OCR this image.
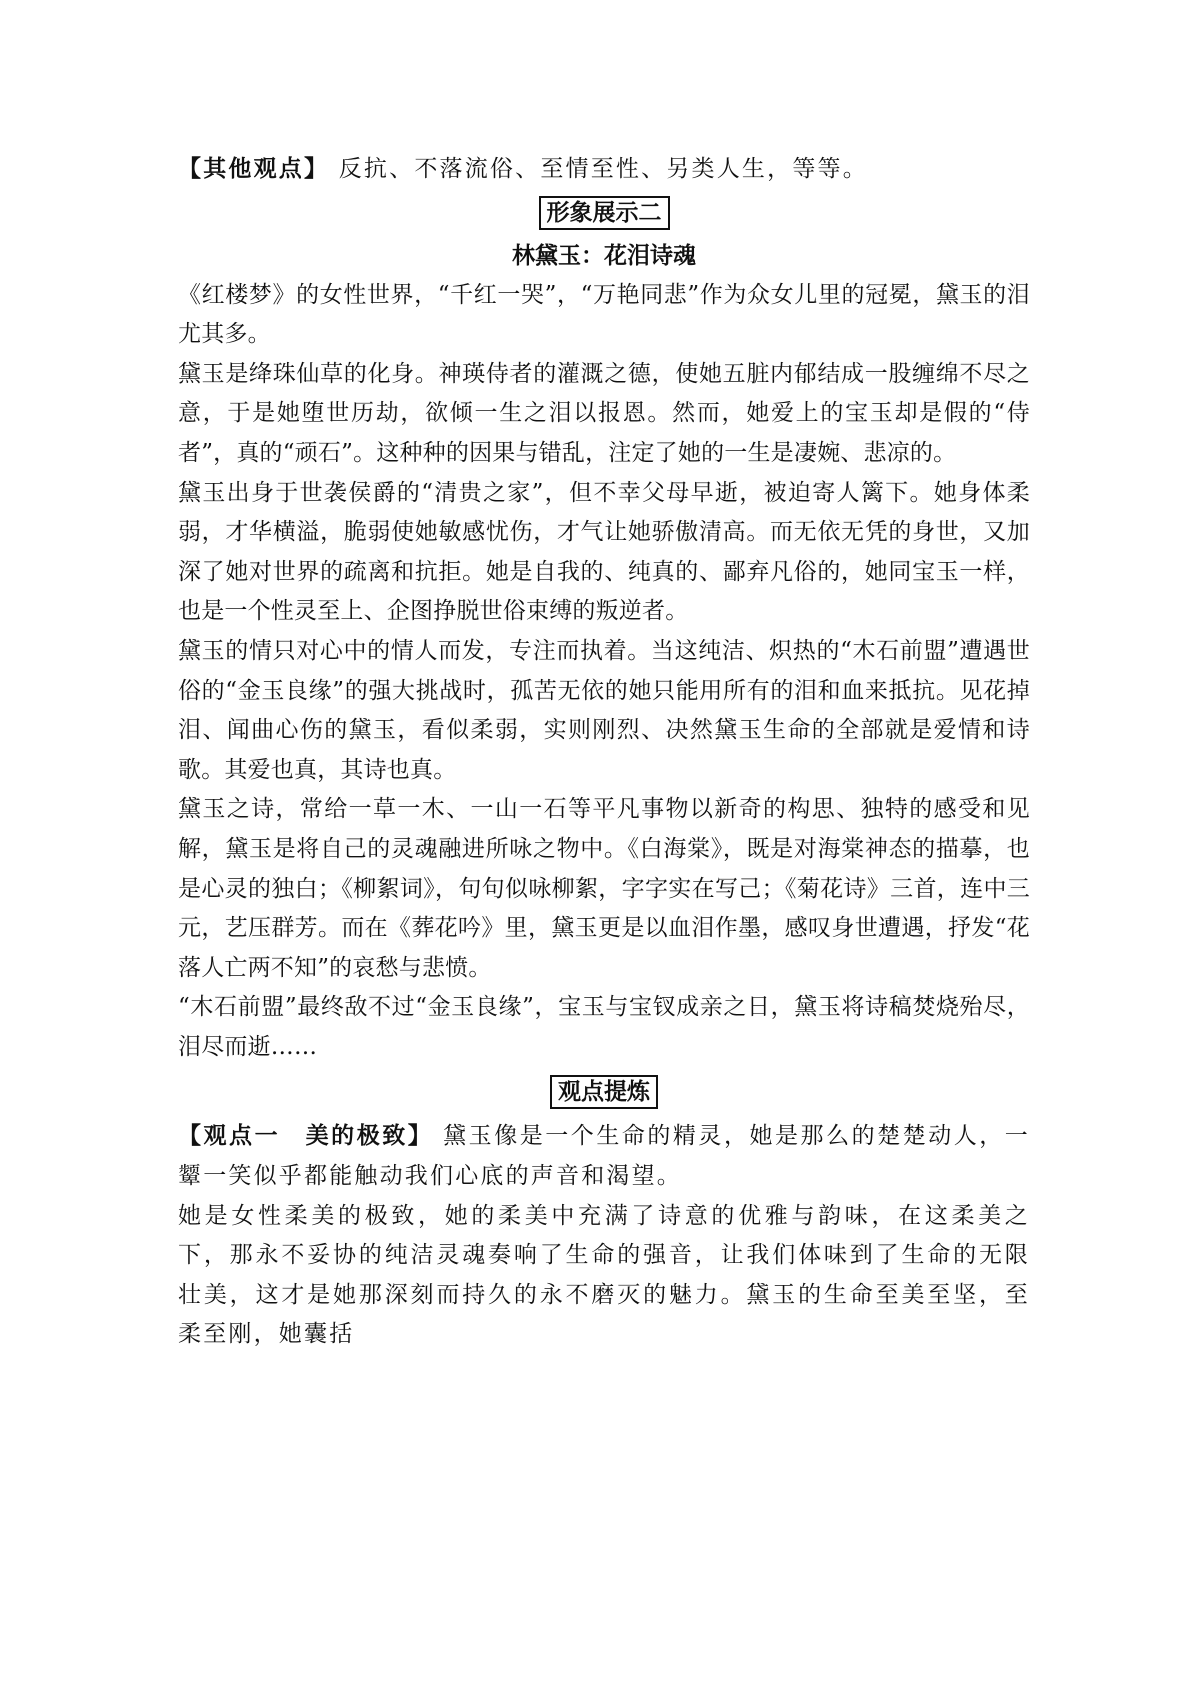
【其他观点】 反抗、不落流俗、至情至性、另类人生，等等。

形象展示二
林黛玉：花泪诗魂

《红楼梦》的女性世界，“千红一哭”，“万艳同悲”作为众女儿里的冠冕，黛玉的泪尤其多。

黛玉是绛珠仙草的化身。神瑛侍者的灌溉之德，使她五脏内郁结成一股缠绵不尽之意，于是她堕世历劫，欲倾一生之泪以报恩。然而，她爱上的宝玉却是假的“侍者”，真的“顽石”。这种种的因果与错乱，注定了她的一生是凄婉、悲凉的。

黛玉出身于世袭侯爵的“清贵之家”，但不幸父母早逝，被迫寄人篱下。她身体柔弱，才华横溢，脆弱使她敏感忧伤，才气让她骄傲清高。而无依无凭的身世，又加深了她对世界的疏离和抗拒。她是自我的、纯真的、鄙弃凡俗的，她同宝玉一样，也是一个性灵至上、企图挣脱世俗束缚的叛逆者。

黛玉的情只对心中的情人而发，专注而执着。当这纯洁、炽热的“木石前盟”遭遇世俗的“金玉良缘”的强大挑战时，孤苦无依的她只能用所有的泪和血来抵抗。见花掉泪、闻曲心伤的黛玉，看似柔弱，实则刚烈、决然黛玉生命的全部就是爱情和诗歌。其爱也真，其诗也真。

黛玉之诗，常给一草一木、一山一石等平凡事物以新奇的构思、独特的感受和见解，黛玉是将自己的灵魂融进所咏之物中。《白海棠》，既是对海棠神态的描摹，也是心灵的独白；《柳絮词》，句句似咏柳絮，字字实在写己；《菊花诗》三首，连中三元，艺压群芳。而在《葬花吟》里，黛玉更是以血泪作墨，感叹身世遭遇，抒发“花落人亡两不知”的哀愁与悲愤。

“木石前盟”最终敌不过“金玉良缘”，宝玉与宝钗成亲之日，黛玉将诗稿焚烧殆尽，泪尽而逝……

观点提炼

【观点一　美的极致】 黛玉像是一个生命的精灵，她是那么的楚楚动人，一颦一笑似乎都能触动我们心底的声音和渴望。

她是女性柔美的极致，她的柔美中充满了诗意的优雅与韵味，在这柔美之下，那永不妥协的纯洁灵魂奏响了生命的强音，让我们体味到了生命的无限壮美，这才是她那深刻而持久的永不磨灭的魅力。黛玉的生命至美至坚，至柔至刚，她囊括
